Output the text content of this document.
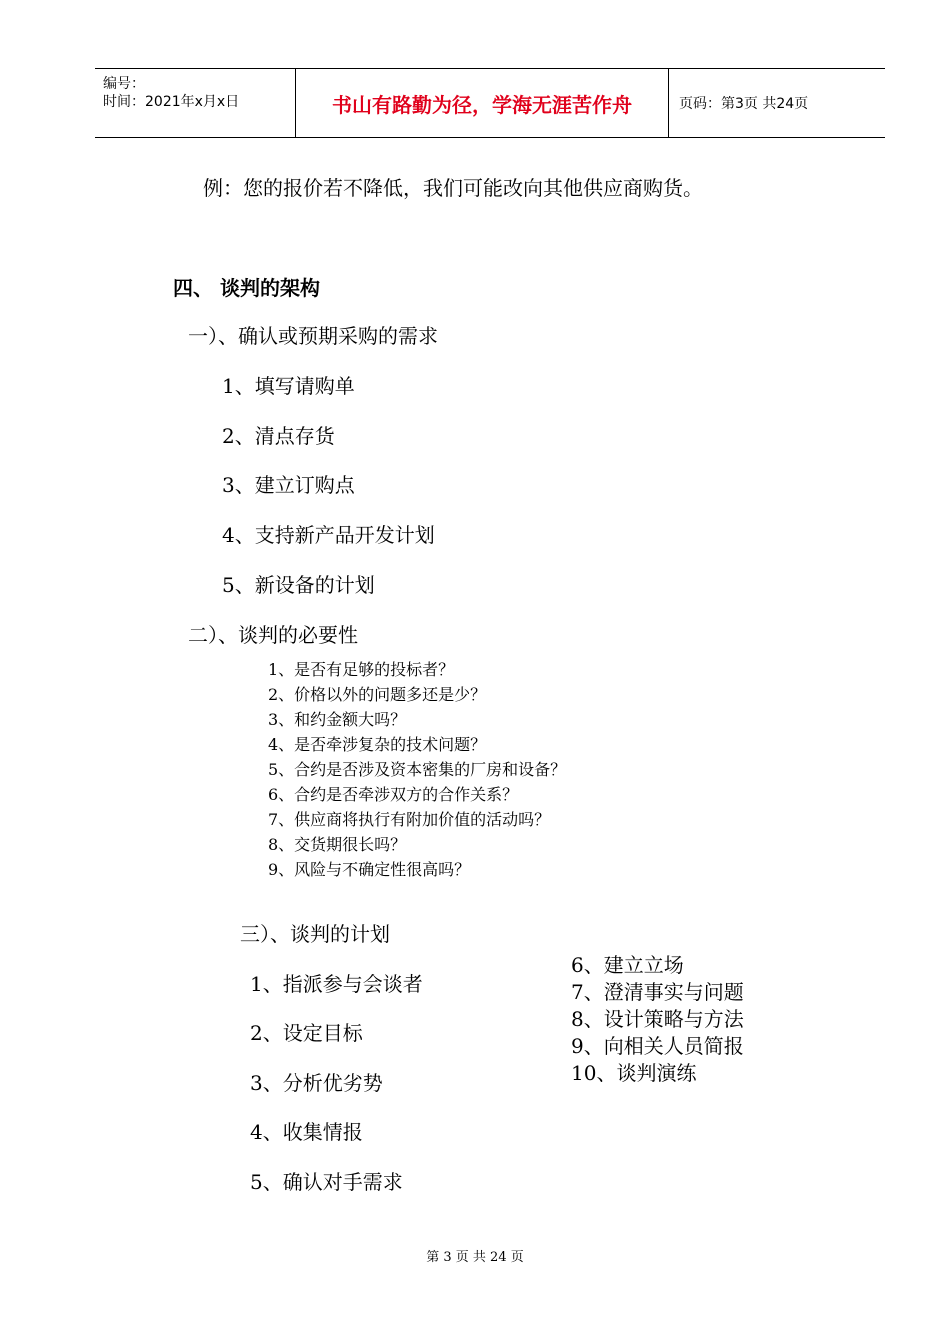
编号：
时间：2021年x月x日	书山有路勤为径，学海无涯苦作舟	页码：第3页 共24页
例：您的报价若不降低，我们可能改向其他供应商购货。
四、 谈判的架构
一）、确认或预期采购的需求
1、填写请购单
2、清点存货
3、建立订购点
4、支持新产品开发计划
5、新设备的计划
二）、谈判的必要性
1、是否有足够的投标者？
2、价格以外的问题多还是少？
3、和约金额大吗？
4、是否牵涉复杂的技术问题？
5、合约是否涉及资本密集的厂房和设备？
6、合约是否牵涉双方的合作关系？
7、供应商将执行有附加价值的活动吗？
8、交货期很长吗？
9、风险与不确定性很高吗？
三）、谈判的计划
1、指派参与会谈者
2、设定目标
3、分析优劣势
4、收集情报
5、确认对手需求
6、建立立场
7、澄清事实与问题
8、设计策略与方法
9、向相关人员简报
10、谈判演练
第 3 页 共 24 页
